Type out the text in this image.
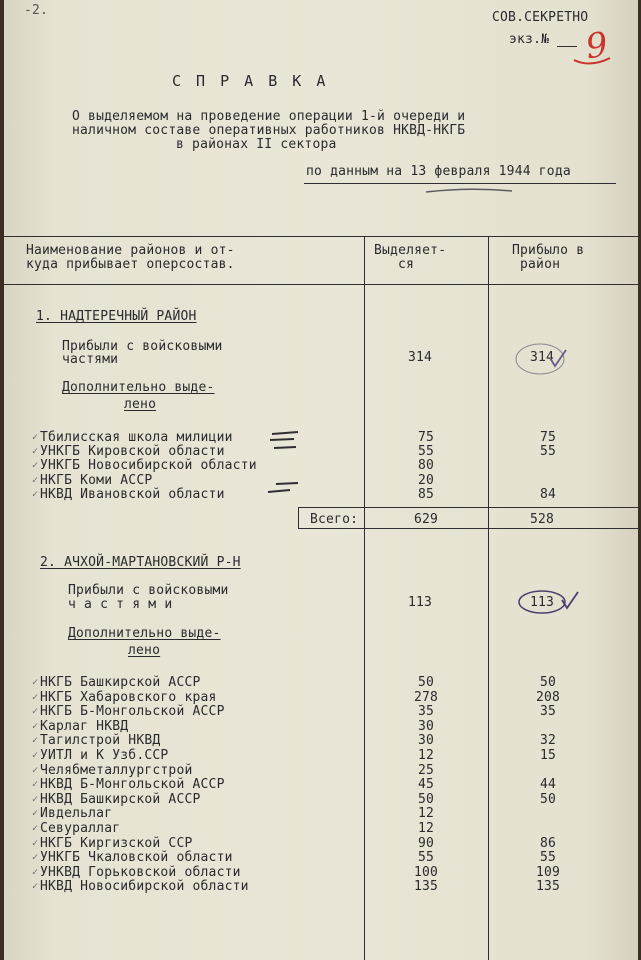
-2.	СОВ.СЕКРЕТНО
экз.№ 9
С П Р А В К А
О выделяемом на проведение операции 1-й очереди и
наличном составе оперативных работников НКВД-НКГБ
в районах II сектора
по данным на 13 февраля 1944 года
Наименование районов и от-
куда прибывает оперсостав.
Выделяет-
ся
Прибыло в
район
1. НАДТЕРЕЧНЫЙ РАЙОН
Прибыли с войсковыми
частями	314	314
Дополнительно выде-
лено
✓ Тбилисская школа милиции	75	75
✓ УНКГБ Кировской области	55	55
✓ УНКГБ Новосибирской области	80
✓ НКГБ Коми АССР	20
✓ НКВД Ивановской области	85	84
Всего:	629	528
2. АЧХОЙ-МАРТАНОВСКИЙ Р-Н
Прибыли с войсковыми
ч а с т я м и	113	113
Дополнительно выде-
лено
✓ НКГБ Башкирской АССР	50	50
✓ НКГБ Хабаровского края	278	208
✓ НКГБ Б-Монгольской АССР	35	35
✓ Карлаг НКВД	30
✓ Тагилстрой НКВД	30	32
✓ УИТЛ и К Узб.ССР	12	15
✓ Челябметаллургстрой	25
✓ НКВД Б-Монгольской АССР	45	44
✓ НКВД Башкирской АССР	50	50
✓ Ивдельлаг	12
✓ Севураллаг	12
✓ НКГБ Киргизской ССР	90	86
✓ УНКГБ Чкаловской области	55	55
✓ УНКВД Горьковской области	100	109
✓ НКВД Новосибирской области	135	135
